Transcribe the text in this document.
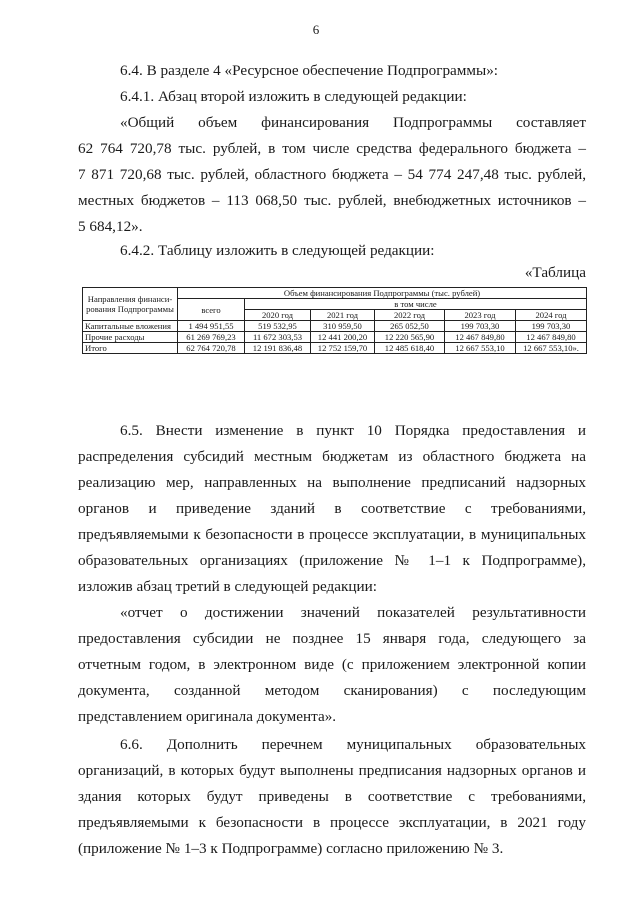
6
6.4. В разделе 4 «Ресурсное обеспечение Подпрограммы»:
6.4.1. Абзац второй изложить в следующей редакции:
«Общий объем финансирования Подпрограммы составляет
62 764 720,78 тыс. рублей, в том числе средства федерального бюджета –
7 871 720,68 тыс. рублей, областного бюджета – 54 774 247,48 тыс. рублей,
местных бюджетов – 113 068,50 тыс. рублей, внебюджетных источников –
5 684,12».
6.4.2. Таблицу изложить в следующей редакции:
«Таблица
Направления финанси-рования Подпрограммы	Объем финансирования Подпрограммы (тыс. рублей)					
	всего	в том числе				
		2020 год	2021 год	2022 год	2023 год	2024 год
Капитальные вложения	1 494 951,55	519 532,95	310 959,50	265 052,50	199 703,30	199 703,30
Прочие расходы	61 269 769,23	11 672 303,53	12 441 200,20	12 220 565,90	12 467 849,80	12 467 849,80
Итого	62 764 720,78	12 191 836,48	12 752 159,70	12 485 618,40	12 667 553,10	12 667 553,10».
6.5. Внести изменение в пункт 10 Порядка предоставления и
распределения субсидий местным бюджетам из областного бюджета на
реализацию мер, направленных на выполнение предписаний надзорных
органов и приведение зданий в соответствие с требованиями,
предъявляемыми к безопасности в процессе эксплуатации, в муниципальных
образовательных организациях (приложение № 1–1 к Подпрограмме),
изложив абзац третий в следующей редакции:
«отчет о достижении значений показателей результативности
предоставления субсидии не позднее 15 января года, следующего за
отчетным годом, в электронном виде (с приложением электронной копии
документа, созданной методом сканирования) с последующим
представлением оригинала документа».
6.6. Дополнить перечнем муниципальных образовательных
организаций, в которых будут выполнены предписания надзорных органов и
здания которых будут приведены в соответствие с требованиями,
предъявляемыми к безопасности в процессе эксплуатации, в 2021 году
(приложение № 1–3 к Подпрограмме) согласно приложению № 3.
